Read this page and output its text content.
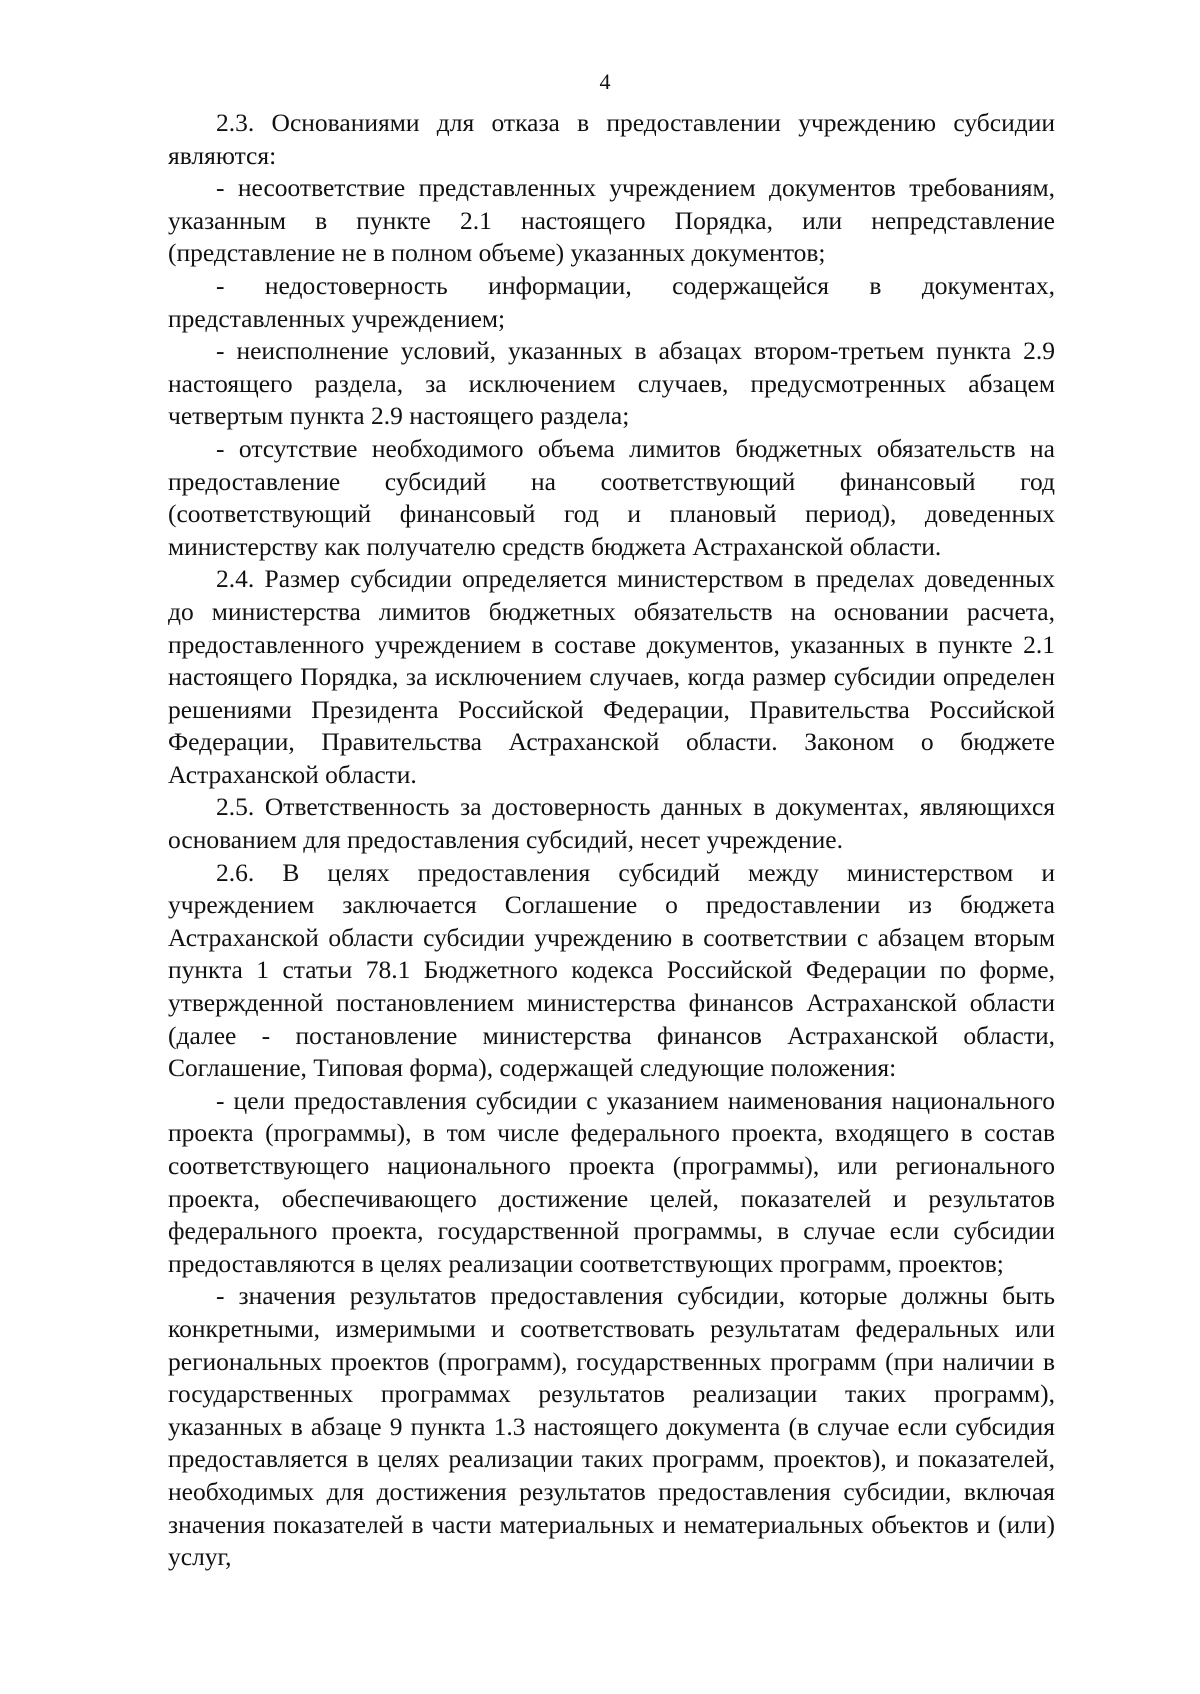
4

2.3. Основаниями для отказа в предоставлении учреждению субсидии являются:

- несоответствие представленных учреждением документов требованиям, указанным в пункте 2.1 настоящего Порядка, или непредставление (представление не в полном объеме) указанных документов;

- недостоверность информации, содержащейся в документах, представленных учреждением;

- неисполнение условий, указанных в абзацах втором-третьем пункта 2.9 настоящего раздела, за исключением случаев, предусмотренных абзацем четвертым пункта 2.9 настоящего раздела;

- отсутствие необходимого объема лимитов бюджетных обязательств на предоставление субсидий на соответствующий финансовый год (соответствующий финансовый год и плановый период), доведенных министерству как получателю средств бюджета Астраханской области.

2.4. Размер субсидии определяется министерством в пределах доведенных до министерства лимитов бюджетных обязательств на основании расчета, предоставленного учреждением в составе документов, указанных в пункте 2.1 настоящего Порядка, за исключением случаев, когда размер субсидии определен решениями Президента Российской Федерации, Правительства Российской Федерации, Правительства Астраханской области. Законом о бюджете Астраханской области.

2.5. Ответственность за достоверность данных в документах, являющихся основанием для предоставления субсидий, несет учреждение.

2.6. В целях предоставления субсидий между министерством и учреждением заключается Соглашение о предоставлении из бюджета Астраханской области субсидии учреждению в соответствии с абзацем вторым пункта 1 статьи 78.1 Бюджетного кодекса Российской Федерации по форме, утвержденной постановлением министерства финансов Астраханской области (далее - постановление министерства финансов Астраханской области, Соглашение, Типовая форма), содержащей следующие положения:

- цели предоставления субсидии с указанием наименования национального проекта (программы), в том числе федерального проекта, входящего в состав соответствующего национального проекта (программы), или регионального проекта, обеспечивающего достижение целей, показателей и результатов федерального проекта, государственной программы, в случае если субсидии предоставляются в целях реализации соответствующих программ, проектов;

- значения результатов предоставления субсидии, которые должны быть конкретными, измеримыми и соответствовать результатам федеральных или региональных проектов (программ), государственных программ (при наличии в государственных программах результатов реализации таких программ), указанных в абзаце 9 пункта 1.3 настоящего документа (в случае если субсидия предоставляется в целях реализации таких программ, проектов), и показателей, необходимых для достижения результатов предоставления субсидии, включая значения показателей в части материальных и нематериальных объектов и (или) услуг,
